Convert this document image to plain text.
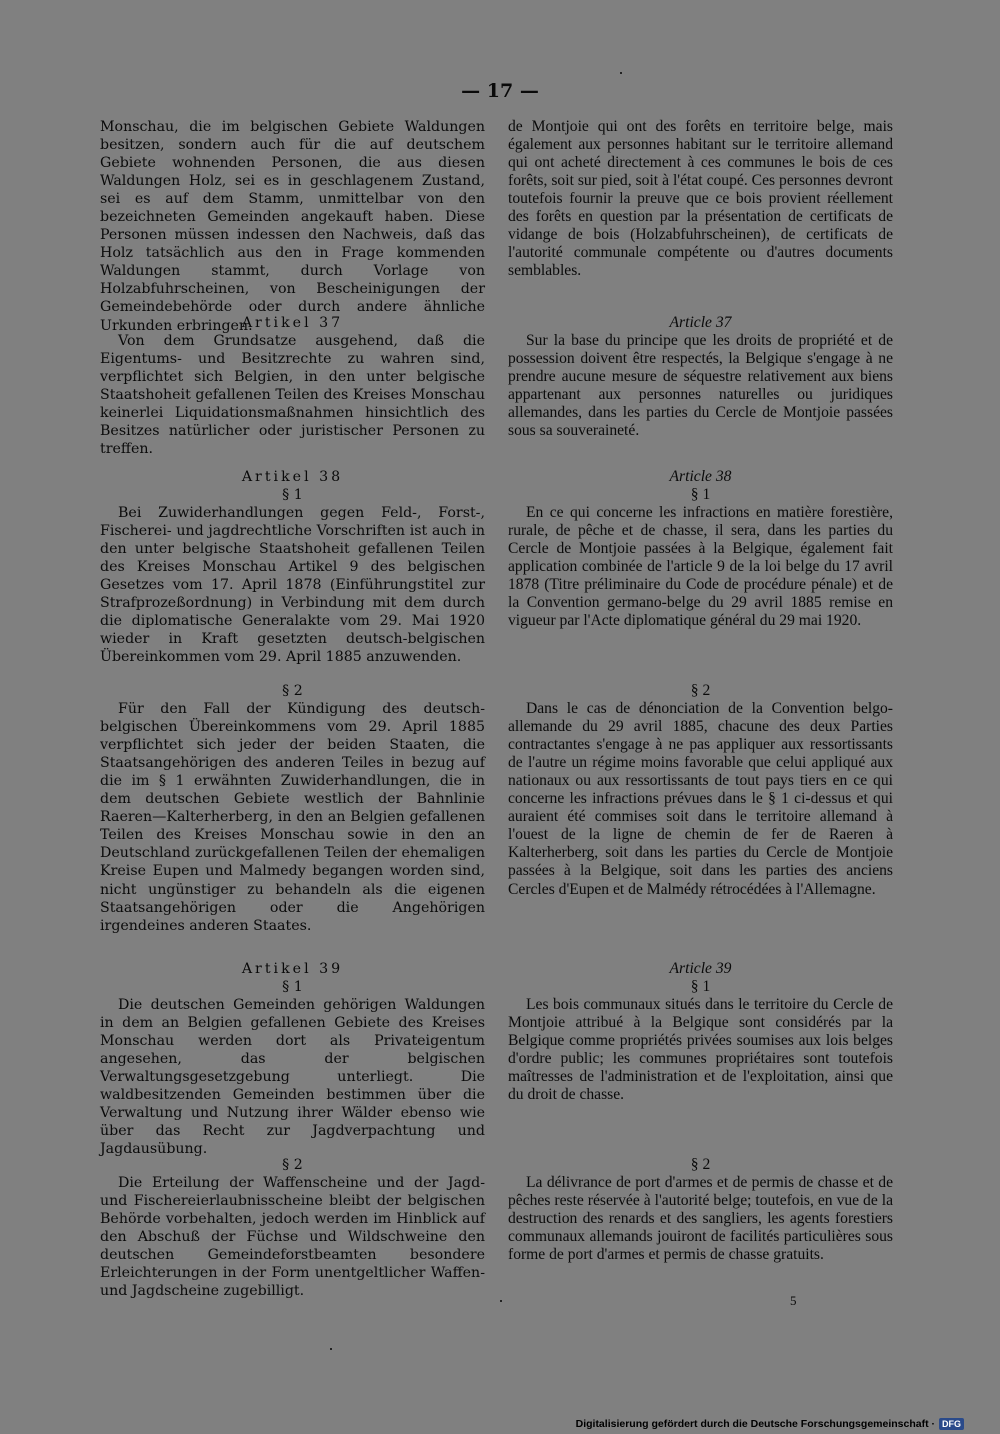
— 17 —

Monschau, die im belgischen Gebiete Waldungen besitzen, sondern auch für die auf deutschem Gebiete wohnenden Personen, die aus diesen Waldungen Holz, sei es in geschlagenem Zustand, sei es auf dem Stamm, unmittelbar von den bezeichneten Gemeinden angekauft haben. Diese Personen müssen indessen den Nachweis, daß das Holz tatsächlich aus den in Frage kommenden Waldungen stammt, durch Vorlage von Holzabfuhrscheinen, von Bescheinigungen der Gemeindebehörde oder durch andere ähnliche Urkunden erbringen.

Artikel 37

Von dem Grundsatze ausgehend, daß die Eigentums- und Besitzrechte zu wahren sind, verpflichtet sich Belgien, in den unter belgische Staatshoheit gefallenen Teilen des Kreises Monschau keinerlei Liquidationsmaßnahmen hinsichtlich des Besitzes natürlicher oder juristischer Personen zu treffen.

Artikel 38

§ 1

Bei Zuwiderhandlungen gegen Feld-, Forst-, Fischerei- und jagdrechtliche Vorschriften ist auch in den unter belgische Staatshoheit gefallenen Teilen des Kreises Monschau Artikel 9 des belgischen Gesetzes vom 17. April 1878 (Einführungstitel zur Strafprozeßordnung) in Verbindung mit dem durch die diplomatische Generalakte vom 29. Mai 1920 wieder in Kraft gesetzten deutsch-belgischen Übereinkommen vom 29. April 1885 anzuwenden.

§ 2

Für den Fall der Kündigung des deutsch-belgischen Übereinkommens vom 29. April 1885 verpflichtet sich jeder der beiden Staaten, die Staatsangehörigen des anderen Teiles in bezug auf die im § 1 erwähnten Zuwiderhandlungen, die in dem deutschen Gebiete westlich der Bahnlinie Raeren—Kalterherberg, in den an Belgien gefallenen Teilen des Kreises Monschau sowie in den an Deutschland zurückgefallenen Teilen der ehemaligen Kreise Eupen und Malmedy begangen worden sind, nicht ungünstiger zu behandeln als die eigenen Staatsangehörigen oder die Angehörigen irgendeines anderen Staates.

Artikel 39

§ 1

Die deutschen Gemeinden gehörigen Waldungen in dem an Belgien gefallenen Gebiete des Kreises Monschau werden dort als Privateigentum angesehen, das der belgischen Verwaltungsgesetzgebung unterliegt. Die waldbesitzenden Gemeinden bestimmen über die Verwaltung und Nutzung ihrer Wälder ebenso wie über das Recht zur Jagdverpachtung und Jagdausübung.

§ 2

Die Erteilung der Waffenscheine und der Jagd- und Fischereierlaubnisscheine bleibt der belgischen Behörde vorbehalten, jedoch werden im Hinblick auf den Abschuß der Füchse und Wildschweine den deutschen Gemeindeforstbeamten besondere Erleichterungen in der Form unentgeltlicher Waffen- und Jagdscheine zugebilligt.

de Montjoie qui ont des forêts en territoire belge, mais également aux personnes habitant sur le territoire allemand qui ont acheté directement à ces communes le bois de ces forêts, soit sur pied, soit à l'état coupé. Ces personnes devront toutefois fournir la preuve que ce bois provient réellement des forêts en question par la présentation de certificats de vidange de bois (Holzabfuhrscheinen), de certificats de l'autorité communale compétente ou d'autres documents semblables.

Article 37

Sur la base du principe que les droits de propriété et de possession doivent être respectés, la Belgique s'engage à ne prendre aucune mesure de séquestre relativement aux biens appartenant aux personnes naturelles ou juridiques allemandes, dans les parties du Cercle de Montjoie passées sous sa souveraineté.

Article 38

§ 1

En ce qui concerne les infractions en matière forestière, rurale, de pêche et de chasse, il sera, dans les parties du Cercle de Montjoie passées à la Belgique, également fait application combinée de l'article 9 de la loi belge du 17 avril 1878 (Titre préliminaire du Code de procédure pénale) et de la Convention germano-belge du 29 avril 1885 remise en vigueur par l'Acte diplomatique général du 29 mai 1920.

§ 2

Dans le cas de dénonciation de la Convention belgo-allemande du 29 avril 1885, chacune des deux Parties contractantes s'engage à ne pas appliquer aux ressortissants de l'autre un régime moins favorable que celui appliqué aux nationaux ou aux ressortissants de tout pays tiers en ce qui concerne les infractions prévues dans le § 1 ci-dessus et qui auraient été commises soit dans le territoire allemand à l'ouest de la ligne de chemin de fer de Raeren à Kalterherberg, soit dans les parties du Cercle de Montjoie passées à la Belgique, soit dans les parties des anciens Cercles d'Eupen et de Malmédy rétrocédées à l'Allemagne.

Article 39

§ 1

Les bois communaux situés dans le territoire du Cercle de Montjoie attribué à la Belgique sont considérés par la Belgique comme propriétés privées soumises aux lois belges d'ordre public; les communes propriétaires sont toutefois maîtresses de l'administration et de l'exploitation, ainsi que du droit de chasse.

§ 2

La délivrance de port d'armes et de permis de chasse et de pêches reste réservée à l'autorité belge; toutefois, en vue de la destruction des renards et des sangliers, les agents forestiers communaux allemands jouiront de facilités particulières sous forme de port d'armes et permis de chasse gratuits.

5
Digitalisierung gefördert durch die Deutsche Forschungsgemeinschaft · DFG
